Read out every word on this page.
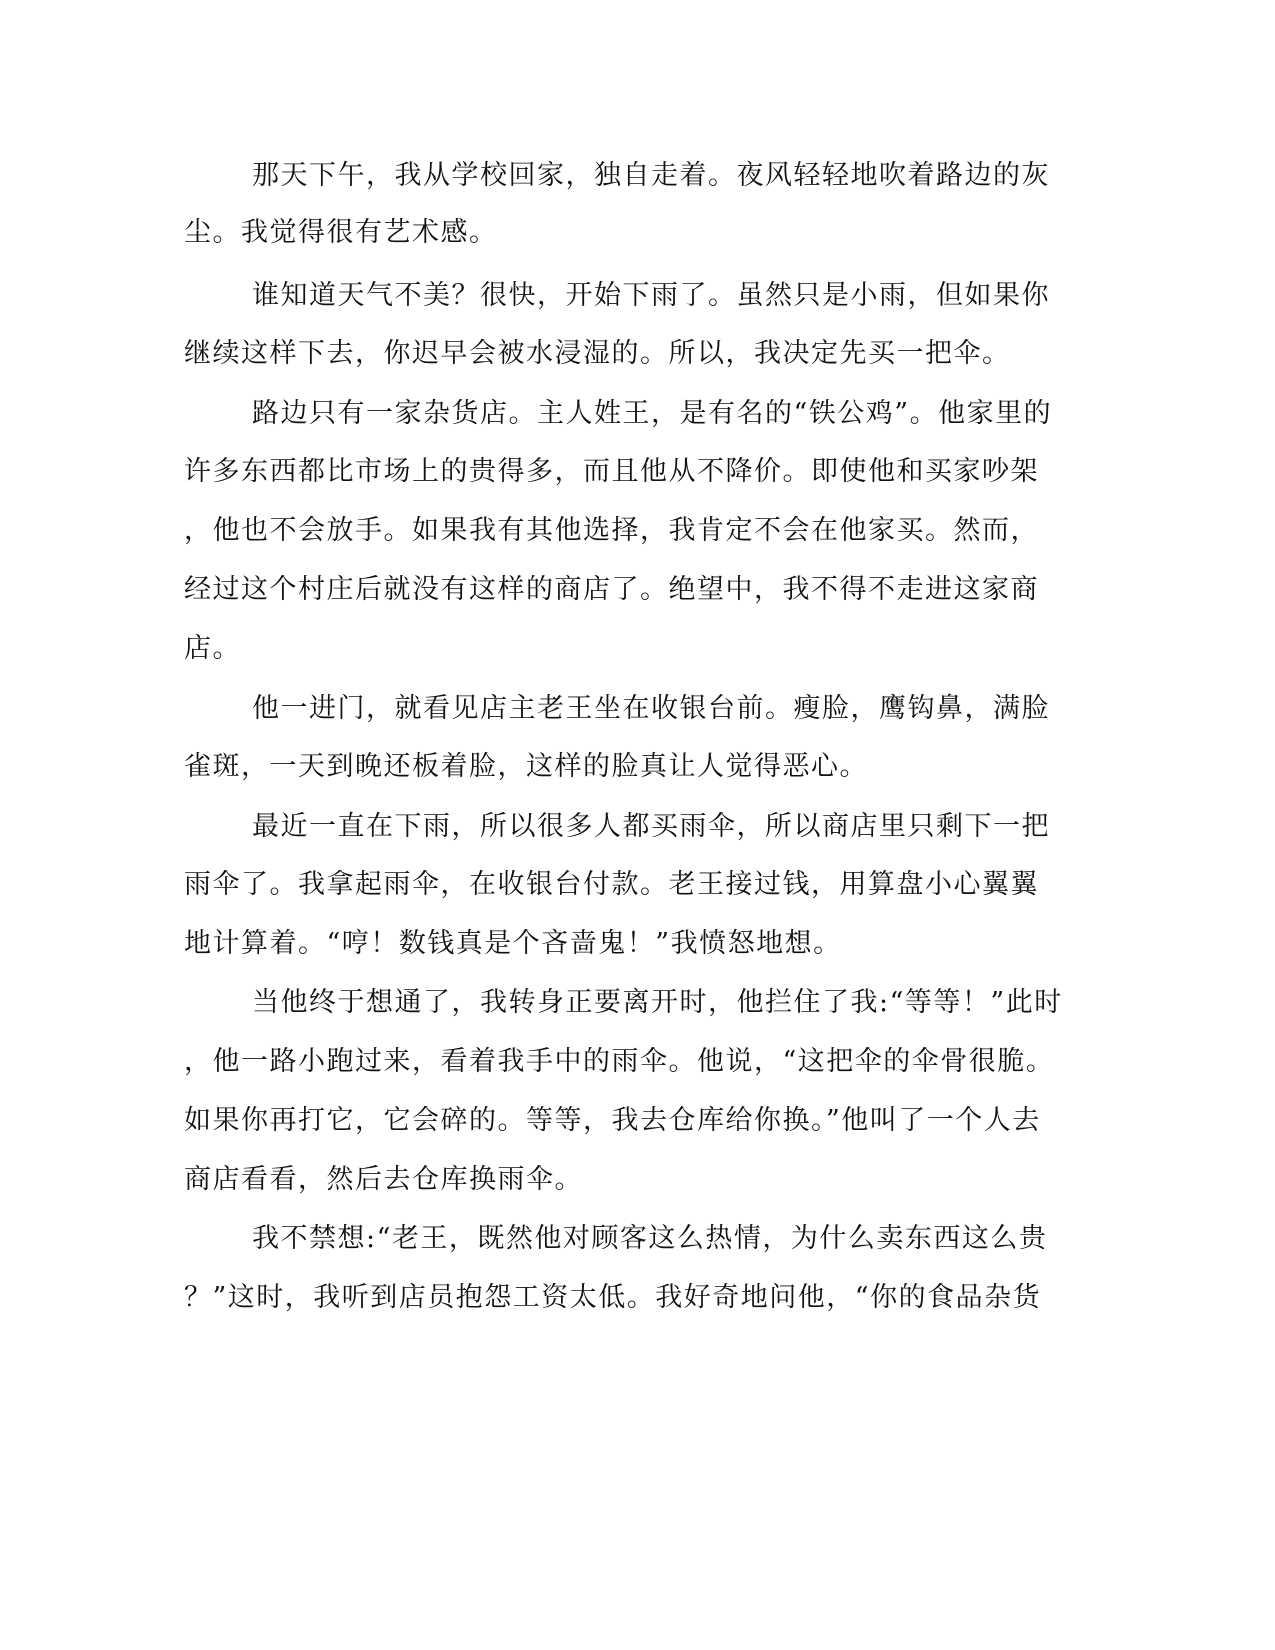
那天下午，我从学校回家，独自走着。夜风轻轻地吹着路边的灰
尘。我觉得很有艺术感。
谁知道天气不美？很快，开始下雨了。虽然只是小雨，但如果你
继续这样下去，你迟早会被水浸湿的。所以，我决定先买一把伞。
路边只有一家杂货店。主人姓王，是有名的“铁公鸡”。他家里的
许多东西都比市场上的贵得多，而且他从不降价。即使他和买家吵架
，他也不会放手。如果我有其他选择，我肯定不会在他家买。然而，
经过这个村庄后就没有这样的商店了。绝望中，我不得不走进这家商
店。
他一进门，就看见店主老王坐在收银台前。瘦脸，鹰钩鼻，满脸
雀斑，一天到晚还板着脸，这样的脸真让人觉得恶心。
最近一直在下雨，所以很多人都买雨伞，所以商店里只剩下一把
雨伞了。我拿起雨伞，在收银台付款。老王接过钱，用算盘小心翼翼
地计算着。“哼！数钱真是个吝啬鬼！”我愤怒地想。
当他终于想通了，我转身正要离开时，他拦住了我:“等等！”此时
，他一路小跑过来，看着我手中的雨伞。他说，“这把伞的伞骨很脆。
如果你再打它，它会碎的。等等，我去仓库给你换。”他叫了一个人去
商店看看，然后去仓库换雨伞。
我不禁想:“老王，既然他对顾客这么热情，为什么卖东西这么贵
？”这时，我听到店员抱怨工资太低。我好奇地问他，“你的食品杂货
